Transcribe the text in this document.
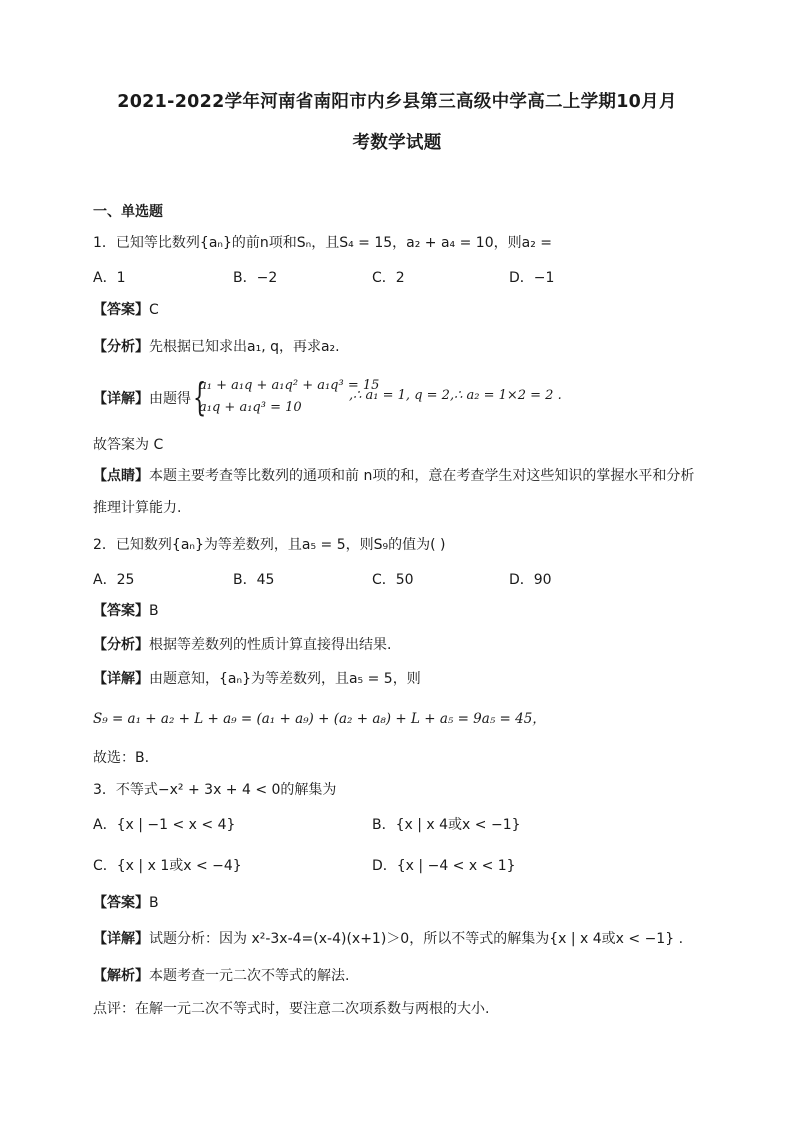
2021-2022学年河南省南阳市内乡县第三高级中学高二上学期10月月
考数学试题
一、单选题
1．已知等比数列{aₙ}的前n项和Sₙ，且S₄ = 15，a₂ + a₄ = 10，则a₂ =
A．1	B．−2	C．2	D．−1
【答案】C
【分析】先根据已知求出a₁, q，再求a₂.
【详解】由题得 {
a₁ + a₁q + a₁q² + a₁q³ = 15
a₁q + a₁q³ = 10
,∴ a₁ = 1, q = 2,∴ a₂ = 1×2 = 2 .
故答案为 C
【点睛】本题主要考查等比数列的通项和前 n项的和，意在考查学生对这些知识的掌握水平和分析
推理计算能力.
2．已知数列{aₙ}为等差数列，且a₅ = 5，则S₉的值为( )
A．25	B．45	C．50	D．90
【答案】B
【分析】根据等差数列的性质计算直接得出结果.
【详解】由题意知，{aₙ}为等差数列，且a₅ = 5，则
S₉ = a₁ + a₂ + L + a₉ = (a₁ + a₉) + (a₂ + a₈) + L + a₅ = 9a₅ = 45，
故选：B.
3．不等式−x² + 3x + 4 < 0的解集为
A．{x | −1 < x < 4}	B．{x | x 4或x < −1}
C．{x | x 1或x < −4}	D．{x | −4 < x < 1}
【答案】B
【详解】试题分析：因为 x²-3x-4=(x-4)(x+1)＞0，所以不等式的解集为{x | x 4或x < −1} .
【解析】本题考查一元二次不等式的解法.
点评：在解一元二次不等式时，要注意二次项系数与两根的大小.
